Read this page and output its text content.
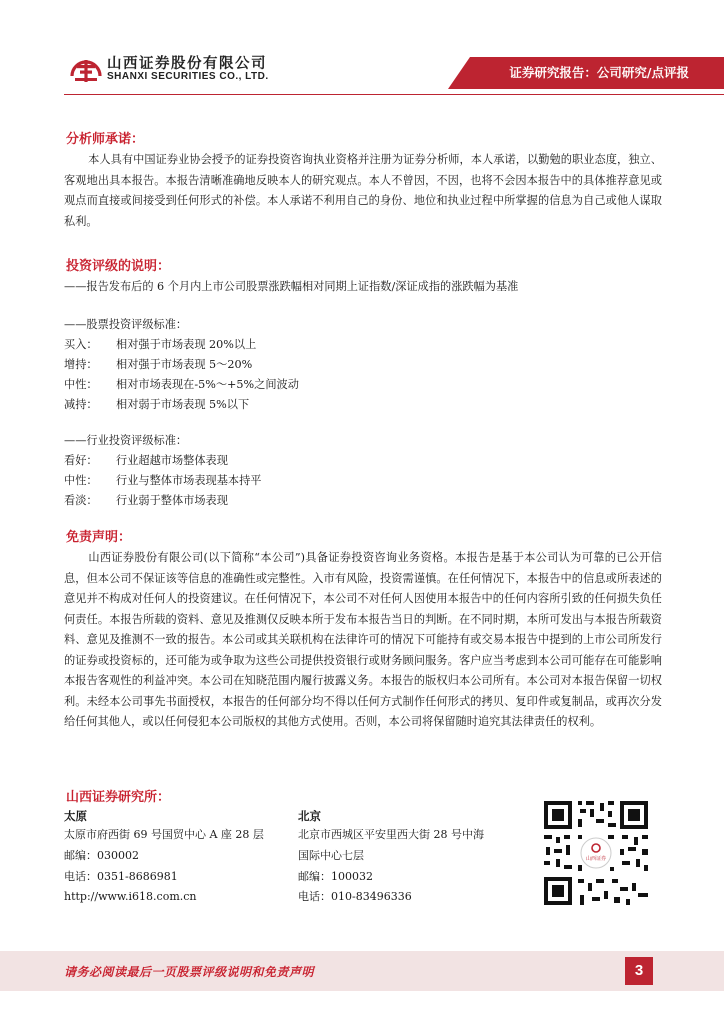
山西证券股份有限公司
SHANXI SECURITIES CO., LTD.	证券研究报告：公司研究/点评报
分析师承诺：
本人具有中国证券业协会授予的证券投资咨询执业资格并注册为证券分析师，本人承诺，以勤勉的职业态度，独立、客观地出具本报告。本报告清晰准确地反映本人的研究观点。本人不曾因，不因，也将不会因本报告中的具体推荐意见或观点而直接或间接受到任何形式的补偿。本人承诺不利用自己的身份、地位和执业过程中所掌握的信息为自己或他人谋取私利。
投资评级的说明：
——报告发布后的 6 个月内上市公司股票涨跌幅相对同期上证指数/深证成指的涨跌幅为基准
——股票投资评级标准：
买入： 相对强于市场表现 20%以上
增持： 相对强于市场表现 5～20%
中性： 相对市场表现在-5%～+5%之间波动
减持： 相对弱于市场表现 5%以下
——行业投资评级标准：
看好： 行业超越市场整体表现
中性： 行业与整体市场表现基本持平
看淡： 行业弱于整体市场表现
免责声明：
山西证券股份有限公司(以下简称“本公司”)具备证券投资咨询业务资格。本报告是基于本公司认为可靠的已公开信息，但本公司不保证该等信息的准确性或完整性。入市有风险，投资需谨慎。在任何情况下，本报告中的信息或所表述的意见并不构成对任何人的投资建议。在任何情况下，本公司不对任何人因使用本报告中的任何内容所引致的任何损失负任何责任。本报告所载的资料、意见及推测仅反映本所于发布本报告当日的判断。在不同时期，本所可发出与本报告所载资料、意见及推测不一致的报告。本公司或其关联机构在法律许可的情况下可能持有或交易本报告中提到的上市公司所发行的证券或投资标的，还可能为或争取为这些公司提供投资银行或财务顾问服务。客户应当考虑到本公司可能存在可能影响本报告客观性的利益冲突。本公司在知晓范围内履行披露义务。本报告的版权归本公司所有。本公司对本报告保留一切权利。未经本公司事先书面授权，本报告的任何部分均不得以任何方式制作任何形式的拷贝、复印件或复制品，或再次分发给任何其他人，或以任何侵犯本公司版权的其他方式使用。否则，本公司将保留随时追究其法律责任的权利。
山西证券研究所：
太原
太原市府西街 69 号国贸中心 A 座 28 层
邮编：030002
电话：0351-8686981
http://www.i618.com.cn
北京
北京市西城区平安里西大街 28 号中海
国际中心七层
邮编：100032
电话：010-83496336
山西证券
请务必阅读最后一页股票评级说明和免责声明	3
